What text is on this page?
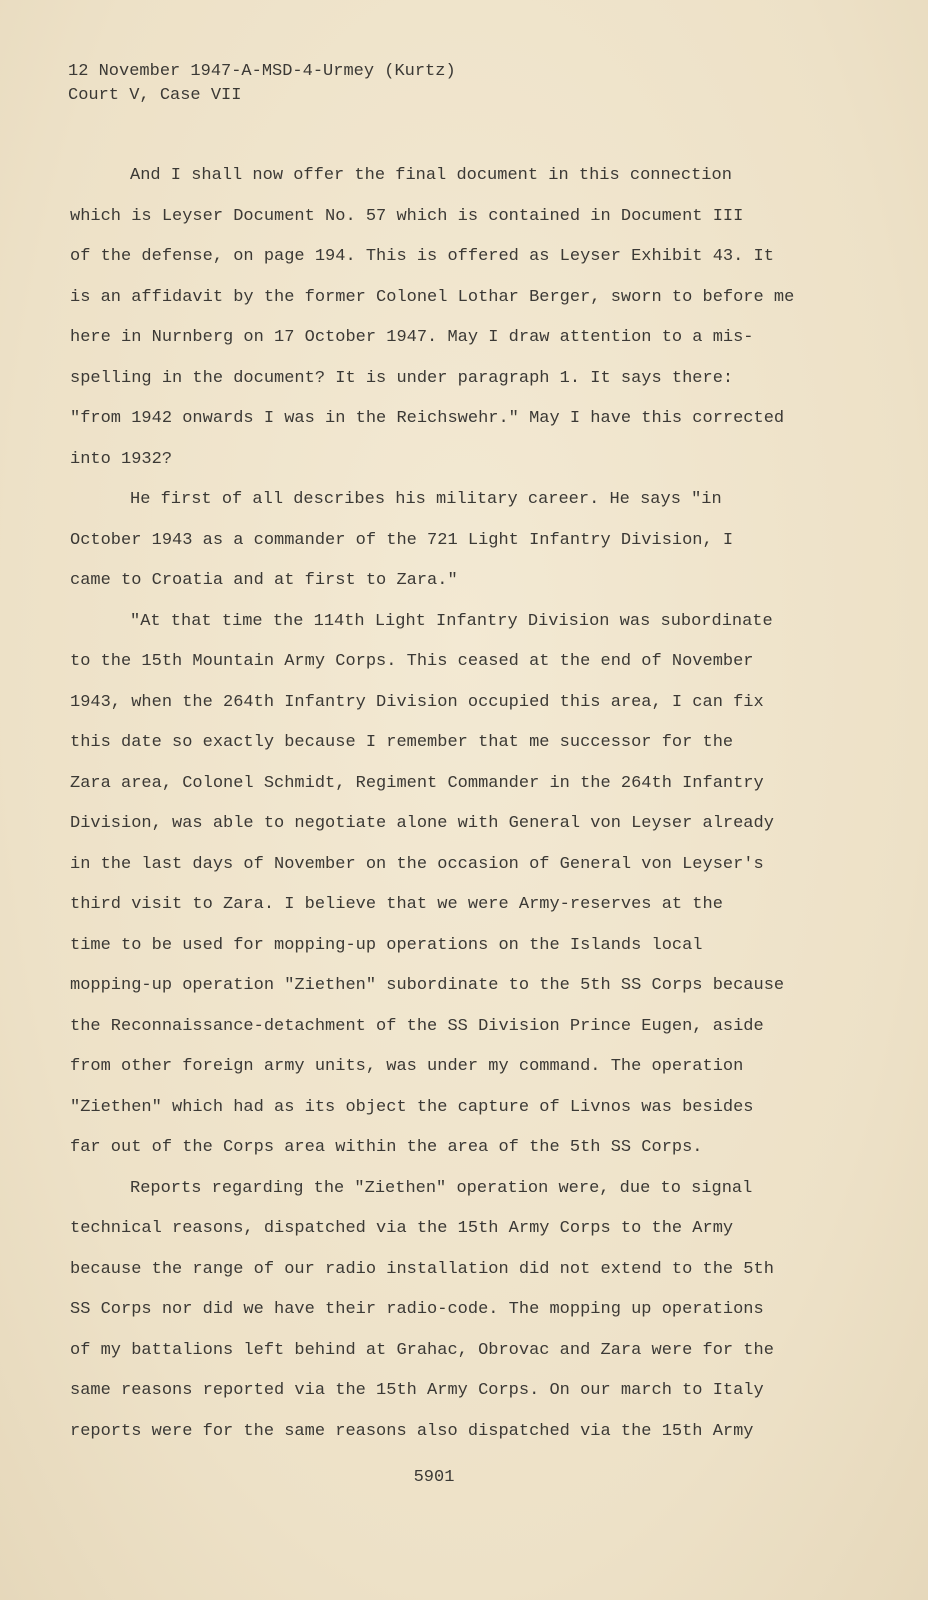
12 November 1947-A-MSD-4-Urmey (Kurtz)
Court V, Case VII
And I shall now offer the final document in this connection
which is Leyser Document No. 57 which is contained in Document III
of the defense, on page 194. This is offered as Leyser Exhibit 43. It
is an affidavit by the former Colonel Lothar Berger, sworn to before me
here in Nurnberg on 17 October 1947. May I draw attention to a mis-
spelling in the document? It is under paragraph 1. It says there:
"from 1942 onwards I was in the Reichswehr." May I have this corrected
into 1932?
He first of all describes his military career. He says "in
October 1943 as a commander of the 721 Light Infantry Division, I
came to Croatia and at first to Zara."
"At that time the 114th Light Infantry Division was subordinate
to the 15th Mountain Army Corps. This ceased at the end of November
1943, when the 264th Infantry Division occupied this area, I can fix
this date so exactly because I remember that me successor for the
Zara area, Colonel Schmidt, Regiment Commander in the 264th Infantry
Division, was able to negotiate alone with General von Leyser already
in the last days of November on the occasion of General von Leyser's
third visit to Zara. I believe that we were Army-reserves at the
time to be used for mopping-up operations on the Islands local
mopping-up operation "Ziethen" subordinate to the 5th SS Corps because
the Reconnaissance-detachment of the SS Division Prince Eugen, aside
from other foreign army units, was under my command. The operation
"Ziethen" which had as its object the capture of Livnos was besides
far out of the Corps area within the area of the 5th SS Corps.
Reports regarding the "Ziethen" operation were, due to signal
technical reasons, dispatched via the 15th Army Corps to the Army
because the range of our radio installation did not extend to the 5th
SS Corps nor did we have their radio-code. The mopping up operations
of my battalions left behind at Grahac, Obrovac and Zara were for the
same reasons reported via the 15th Army Corps. On our march to Italy
reports were for the same reasons also dispatched via the 15th Army
5901
